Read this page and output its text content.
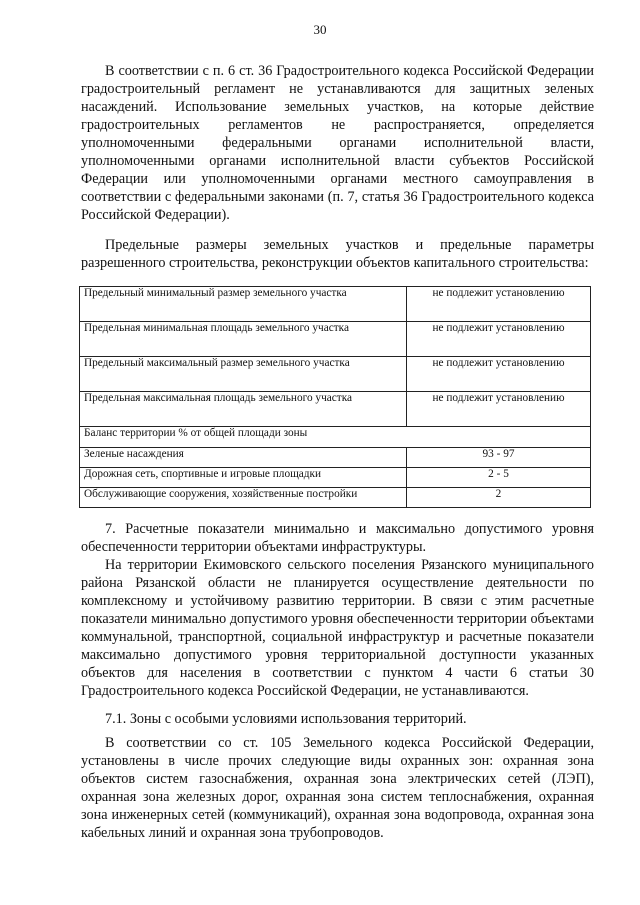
30

В соответствии с п. 6 ст. 36 Градостроительного кодекса Российской Федерации градостроительный регламент не устанавливаются для защитных зеленых насаждений. Использование земельных участков, на которые действие градостроительных регламентов не распространяется, определяется уполномоченными федеральными органами исполнительной власти, уполномоченными органами исполнительной власти субъектов Российской Федерации или уполномоченными органами местного самоуправления в соответствии с федеральными законами (п. 7, статья 36 Градостроительного кодекса Российской Федерации).

Предельные размеры земельных участков и предельные параметры разрешенного строительства, реконструкции объектов капитального строительства:

Предельный минимальный размер земельного участка	не подлежит установлению
Предельная минимальная площадь земельного участка	не подлежит установлению
Предельный максимальный размер земельного участка	не подлежит установлению
Предельная максимальная площадь земельного участка	не подлежит установлению
Баланс территории % от общей площади зоны	
Зеленые насаждения	93 - 97
Дорожная сеть, спортивные и игровые площадки	2 - 5
Обслуживающие сооружения, хозяйственные постройки	2

7. Расчетные показатели минимально и максимально допустимого уровня обеспеченности территории объектами инфраструктуры.

На территории Екимовского сельского поселения Рязанского муниципального района Рязанской области не планируется осуществление деятельности по комплексному и устойчивому развитию территории. В связи с этим расчетные показатели минимально допустимого уровня обеспеченности территории объектами коммунальной, транспортной, социальной инфраструктур и расчетные показатели максимально допустимого уровня территориальной доступности указанных объектов для населения в соответствии с пунктом 4 части 6 статьи 30 Градостроительного кодекса Российской Федерации, не устанавливаются.

7.1. Зоны с особыми условиями использования территорий.

В соответствии со ст. 105 Земельного кодекса Российской Федерации, установлены в числе прочих следующие виды охранных зон: охранная зона объектов систем газоснабжения, охранная зона электрических сетей (ЛЭП), охранная зона железных дорог, охранная зона систем теплоснабжения, охранная зона инженерных сетей (коммуникаций), охранная зона водопровода, охранная зона кабельных линий и охранная зона трубопроводов.
